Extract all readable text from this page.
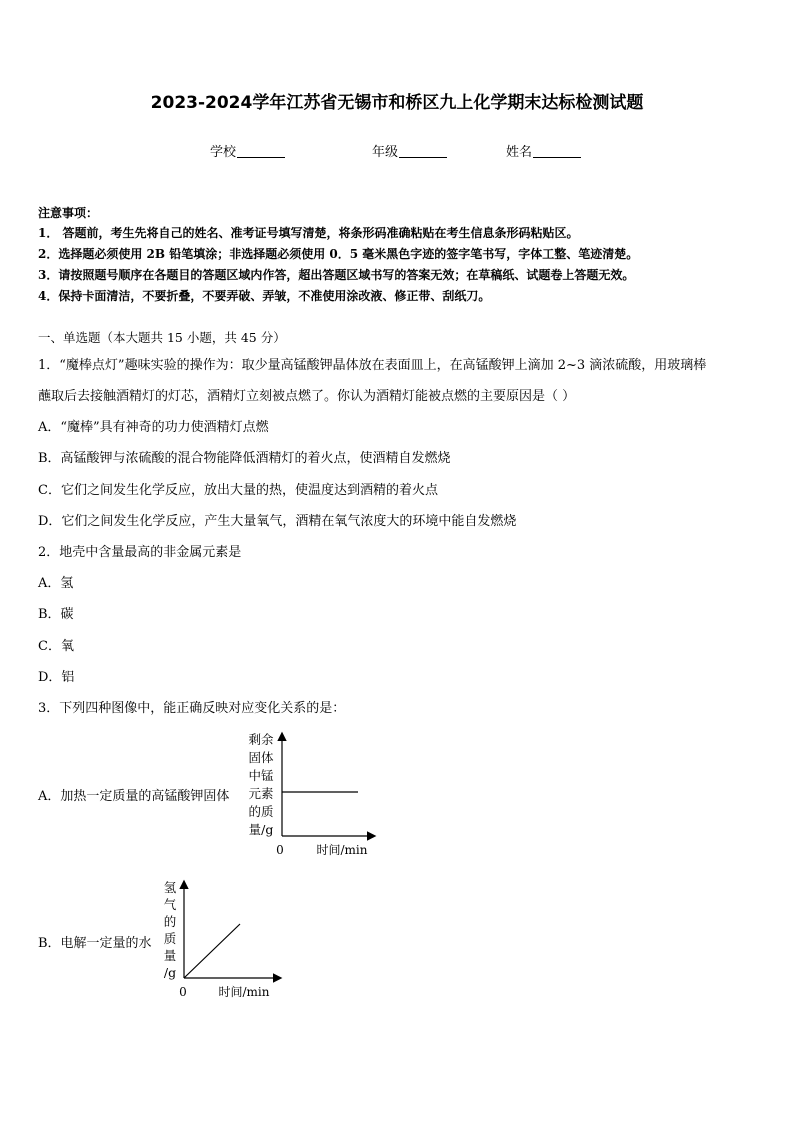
2023-2024学年江苏省无锡市和桥区九上化学期末达标检测试题
学校	年级	姓名
注意事项：
1． 答题前，考生先将自己的姓名、准考证号填写清楚，将条形码准确粘贴在考生信息条形码粘贴区。
2．选择题必须使用 2B 铅笔填涂；非选择题必须使用 0．5 毫米黑色字迹的签字笔书写，字体工整、笔迹清楚。
3．请按照题号顺序在各题目的答题区域内作答，超出答题区域书写的答案无效；在草稿纸、试题卷上答题无效。
4．保持卡面清洁，不要折叠，不要弄破、弄皱，不准使用涂改液、修正带、刮纸刀。
一、单选题（本大题共 15 小题，共 45 分）
1．“魔棒点灯”趣味实验的操作为：取少量高锰酸钾晶体放在表面皿上，在高锰酸钾上滴加 2~3 滴浓硫酸，用玻璃棒
蘸取后去接触酒精灯的灯芯，酒精灯立刻被点燃了。你认为酒精灯能被点燃的主要原因是（ ）
A．“魔棒”具有神奇的功力使酒精灯点燃
B．高锰酸钾与浓硫酸的混合物能降低酒精灯的着火点，使酒精自发燃烧
C．它们之间发生化学反应，放出大量的热，使温度达到酒精的着火点
D．它们之间发生化学反应，产生大量氧气，酒精在氧气浓度大的环境中能自发燃烧
2．地壳中含量最高的非金属元素是
A．氢
B．碳
C．氧
D．铝
3．下列四种图像中，能正确反映对应变化关系的是：
A．加热一定质量的高锰酸钾固体
剩余
固体
中锰
元素
的质
量/g
0	时间/min
B．电解一定量的水
氢
气
的
质
量
/g
0	时间/min
